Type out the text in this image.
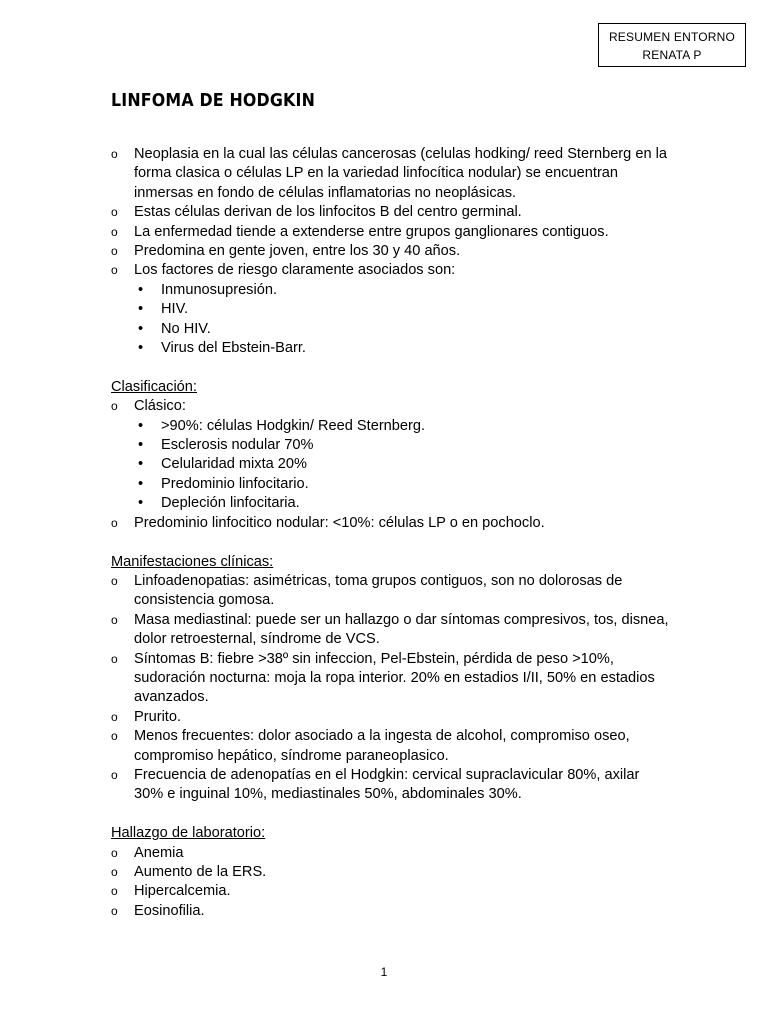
RESUMEN ENTORNO
RENATA P
LINFOMA DE HODGKIN
o Neoplasia en la cual las células cancerosas (celulas hodking/ reed Sternberg en la forma clasica o células LP en la variedad linfocítica nodular) se encuentran inmersas en fondo de células inflamatorias no neoplásicas.
o Estas células derivan de los linfocitos B del centro germinal.
o La enfermedad tiende a extenderse entre grupos ganglionares contiguos.
o Predomina en gente joven, entre los 30 y 40 años.
o Los factores de riesgo claramente asociados son:
• Inmunosupresión.
• HIV.
• No HIV.
• Virus del Ebstein-Barr.
Clasificación:
o Clásico:
• >90%: células Hodgkin/ Reed Sternberg.
• Esclerosis nodular 70%
• Celularidad mixta 20%
• Predominio linfocitario.
• Depleción linfocitaria.
o Predominio linfocitico nodular: <10%: células LP o en pochoclo.
Manifestaciones clínicas:
o Linfoadenopatias: asimétricas, toma grupos contiguos, son no dolorosas de consistencia gomosa.
o Masa mediastinal: puede ser un hallazgo o dar síntomas compresivos, tos, disnea, dolor retroesternal, síndrome de VCS.
o Síntomas B: fiebre >38º sin infeccion, Pel-Ebstein, pérdida de peso >10%, sudoración nocturna: moja la ropa interior. 20% en estadios I/II, 50% en estadios avanzados.
o Prurito.
o Menos frecuentes: dolor asociado a la ingesta de alcohol, compromiso oseo, compromiso hepático, síndrome paraneoplasico.
o Frecuencia de adenopatías en el Hodgkin: cervical supraclavicular 80%, axilar 30% e inguinal 10%, mediastinales 50%, abdominales 30%.
Hallazgo de laboratorio:
o Anemia
o Aumento de la ERS.
o Hipercalcemia.
o Eosinofilia.
1
